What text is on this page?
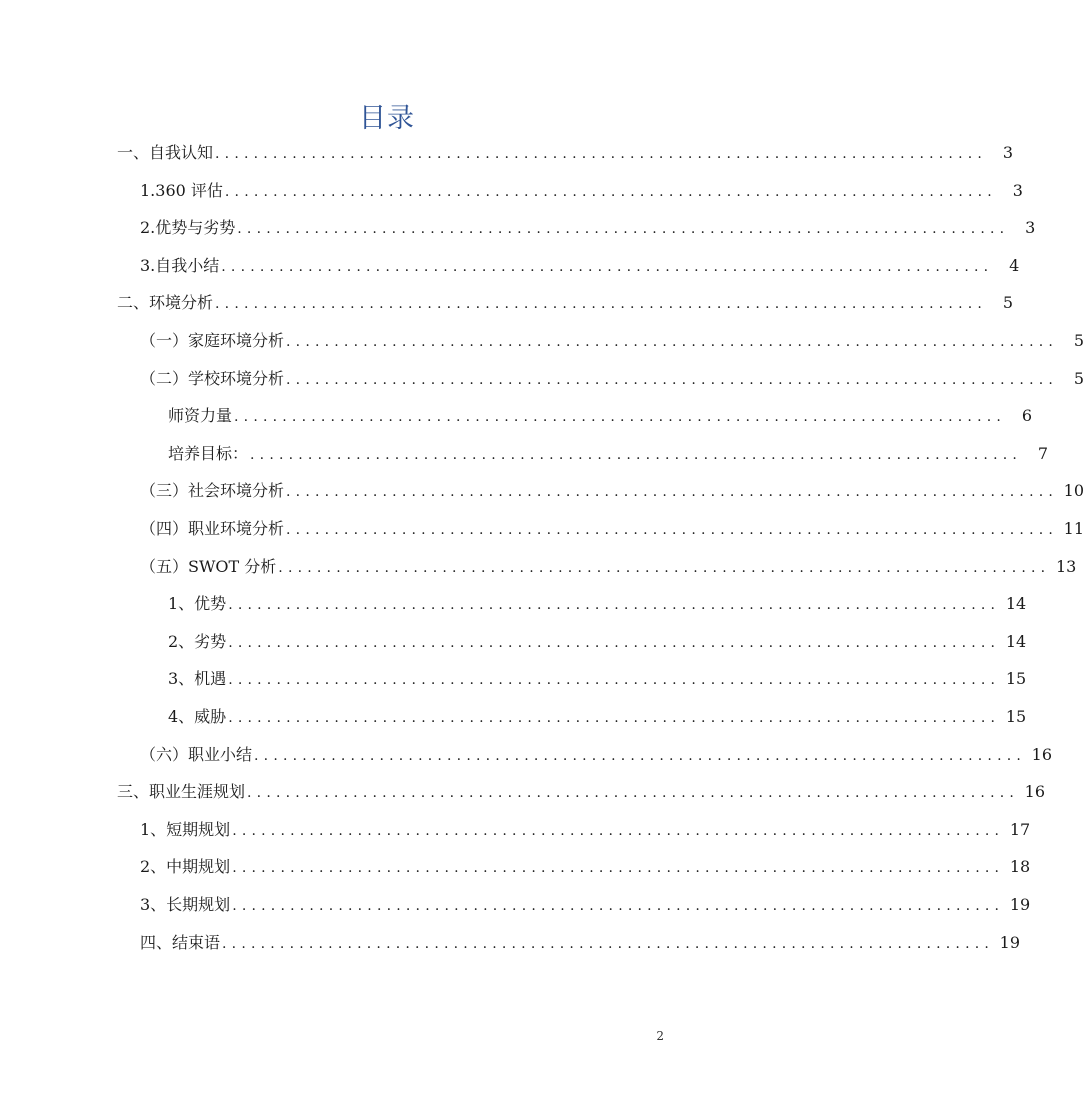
目录
一、自我认知 ................................................................................ 3
1.360 评估 ................................................................................ 3
2.优势与劣势 ................................................................................ 3
3.自我小结 ................................................................................ 4
二、环境分析 ................................................................................ 5
（一）家庭环境分析 ................................................................................ 5
（二）学校环境分析 ................................................................................ 5
师资力量 ................................................................................ 6
培养目标： ................................................................................ 7
（三）社会环境分析 ................................................................................ 10
（四）职业环境分析 ................................................................................ 11
（五）SWOT 分析 ................................................................................ 13
1、优势 ................................................................................ 14
2、劣势 ................................................................................ 14
3、机遇 ................................................................................ 15
4、威胁 ................................................................................ 15
（六）职业小结 ................................................................................ 16
三、职业生涯规划 ................................................................................ 16
1、短期规划 ................................................................................ 17
2、中期规划 ................................................................................ 18
3、长期规划 ................................................................................ 19
四、结束语 ................................................................................ 19
2
